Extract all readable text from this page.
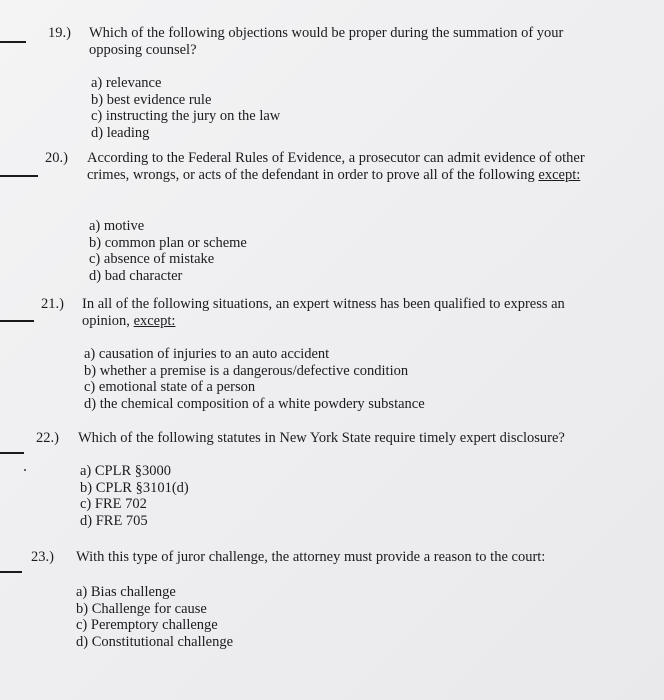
19.) Which of the following objections would be proper during the summation of your opposing counsel?
a) relevance
b) best evidence rule
c) instructing the jury on the law
d) leading
20.) According to the Federal Rules of Evidence, a prosecutor can admit evidence of other crimes, wrongs, or acts of the defendant in order to prove all of the following except:
a) motive
b) common plan or scheme
c) absence of mistake
d) bad character
21.) In all of the following situations, an expert witness has been qualified to express an opinion, except:
a) causation of injuries to an auto accident
b) whether a premise is a dangerous/defective condition
c) emotional state of a person
d) the chemical composition of a white powdery substance
22.) Which of the following statutes in New York State require timely expert disclosure?
a) CPLR §3000
b) CPLR §3101(d)
c) FRE 702
d) FRE 705
23.) With this type of juror challenge, the attorney must provide a reason to the court:
a) Bias challenge
b) Challenge for cause
c) Peremptory challenge
d) Constitutional challenge
